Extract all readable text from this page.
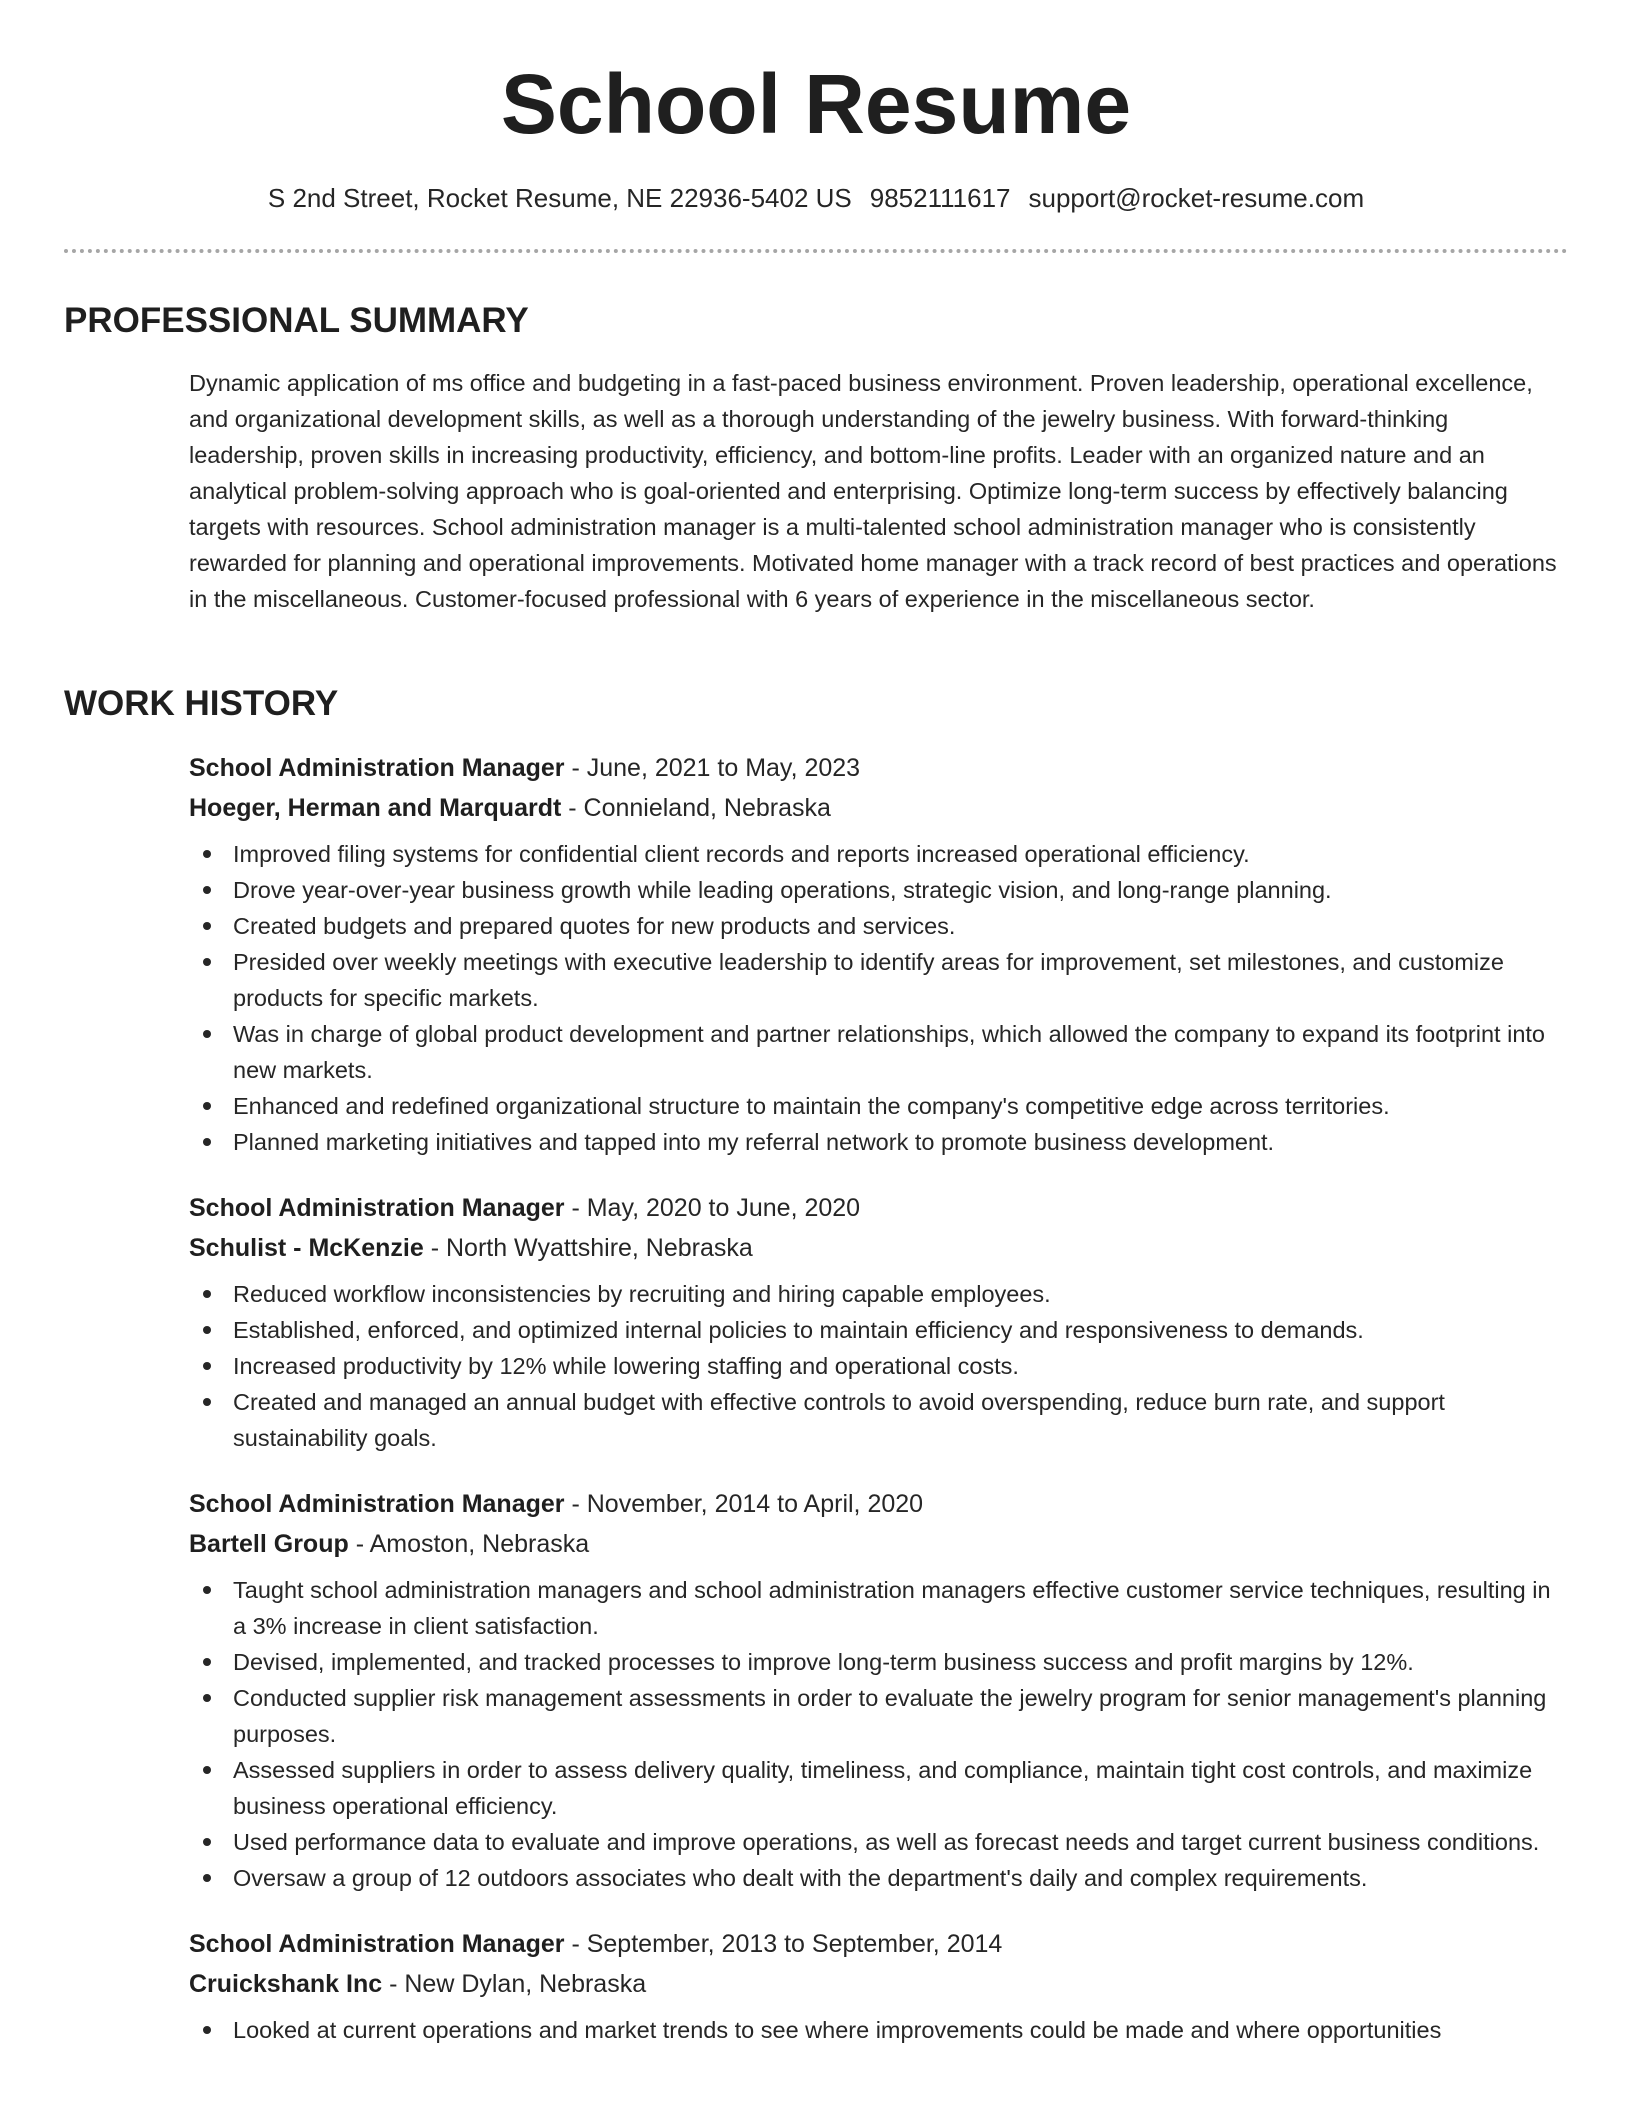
School Resume
S 2nd Street, Rocket Resume, NE 22936-5402 US 9852111617 support@rocket-resume.com
PROFESSIONAL SUMMARY

Dynamic application of ms office and budgeting in a fast-paced business environment. Proven leadership, operational excellence, and organizational development skills, as well as a thorough understanding of the jewelry business. With forward-thinking leadership, proven skills in increasing productivity, efficiency, and bottom-line profits. Leader with an organized nature and an analytical problem-solving approach who is goal-oriented and enterprising. Optimize long-term success by effectively balancing targets with resources. School administration manager is a multi-talented school administration manager who is consistently rewarded for planning and operational improvements. Motivated home manager with a track record of best practices and operations in the miscellaneous. Customer-focused professional with 6 years of experience in the miscellaneous sector.

WORK HISTORY

School Administration Manager - June, 2021 to May, 2023

Hoeger, Herman and Marquardt - Connieland, Nebraska

Improved filing systems for confidential client records and reports increased operational efficiency.
Drove year-over-year business growth while leading operations, strategic vision, and long-range planning.
Created budgets and prepared quotes for new products and services.
Presided over weekly meetings with executive leadership to identify areas for improvement, set milestones, and customize products for specific markets.
Was in charge of global product development and partner relationships, which allowed the company to expand its footprint into new markets.
Enhanced and redefined organizational structure to maintain the company's competitive edge across territories.
Planned marketing initiatives and tapped into my referral network to promote business development.

School Administration Manager - May, 2020 to June, 2020

Schulist - McKenzie - North Wyattshire, Nebraska

Reduced workflow inconsistencies by recruiting and hiring capable employees.
Established, enforced, and optimized internal policies to maintain efficiency and responsiveness to demands.
Increased productivity by 12% while lowering staffing and operational costs.
Created and managed an annual budget with effective controls to avoid overspending, reduce burn rate, and support sustainability goals.

School Administration Manager - November, 2014 to April, 2020

Bartell Group - Amoston, Nebraska

Taught school administration managers and school administration managers effective customer service techniques, resulting in a 3% increase in client satisfaction.
Devised, implemented, and tracked processes to improve long-term business success and profit margins by 12%.
Conducted supplier risk management assessments in order to evaluate the jewelry program for senior management's planning purposes.
Assessed suppliers in order to assess delivery quality, timeliness, and compliance, maintain tight cost controls, and maximize business operational efficiency.
Used performance data to evaluate and improve operations, as well as forecast needs and target current business conditions.
Oversaw a group of 12 outdoors associates who dealt with the department's daily and complex requirements.

School Administration Manager - September, 2013 to September, 2014

Cruickshank Inc - New Dylan, Nebraska

Looked at current operations and market trends to see where improvements could be made and where opportunities
